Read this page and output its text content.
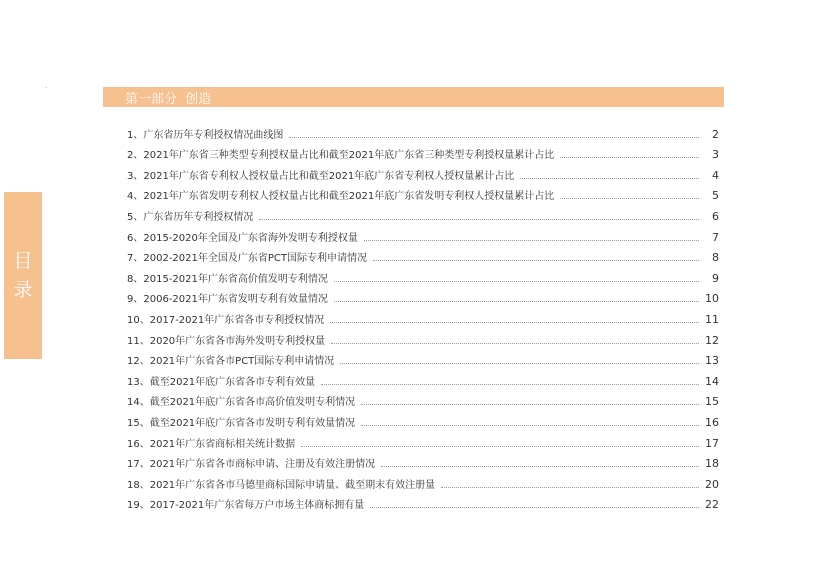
·
目
录
第一部分  创造
1、广东省历年专利授权情况曲线图	2
2、2021年广东省三种类型专利授权量占比和截至2021年底广东省三种类型专利授权量累计占比	3
3、2021年广东省专利权人授权量占比和截至2021年底广东省专利权人授权量累计占比	4
4、2021年广东省发明专利权人授权量占比和截至2021年底广东省发明专利权人授权量累计占比	5
5、广东省历年专利授权情况	6
6、2015-2020年全国及广东省海外发明专利授权量	7
7、2002-2021年全国及广东省PCT国际专利申请情况	8
8、2015-2021年广东省高价值发明专利情况	9
9、2006-2021年广东省发明专利有效量情况	10
10、2017-2021年广东省各市专利授权情况	11
11、2020年广东省各市海外发明专利授权量	12
12、2021年广东省各市PCT国际专利申请情况	13
13、截至2021年底广东省各市专利有效量	14
14、截至2021年底广东省各市高价值发明专利情况	15
15、截至2021年底广东省各市发明专利有效量情况	16
16、2021年广东省商标相关统计数据	17
17、2021年广东省各市商标申请、注册及有效注册情况	18
18、2021年广东省各市马德里商标国际申请量、截至期末有效注册量	20
19、2017-2021年广东省每万户市场主体商标拥有量	22
